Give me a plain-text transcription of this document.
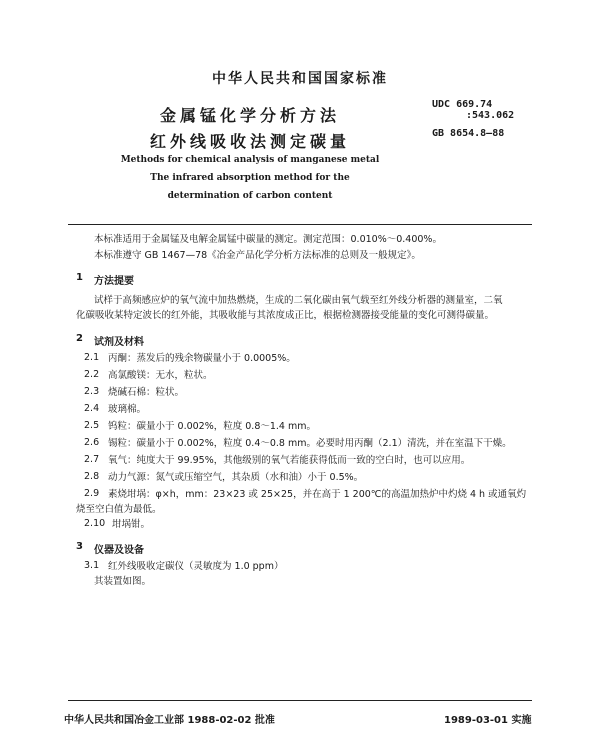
中华人民共和国国家标准
金属锰化学分析方法
红外线吸收法测定碳量
UDC 669.74
:543.062
GB 8654.8—88
Methods for chemical analysis of manganese metal
The infrared absorption method for the
determination of carbon content
本标准适用于金属锰及电解金属锰中碳量的测定。测定范围：0.010%～0.400%。
本标准遵守 GB 1467—78《冶金产品化学分析方法标准的总则及一般规定》。
1 方法提要
试样于高频感应炉的氧气流中加热燃烧，生成的二氧化碳由氧气载至红外线分析器的测量室，二氧
化碳吸收某特定波长的红外能，其吸收能与其浓度成正比，根据检测器接受能量的变化可测得碳量。
2 试剂及材料
2.1 丙酮：蒸发后的残余物碳量小于 0.0005%。
2.2 高氯酸镁：无水，粒状。
2.3 烧碱石棉：粒状。
2.4 玻璃棉。
2.5 钨粒：碳量小于 0.002%，粒度 0.8～1.4 mm。
2.6 锡粒：碳量小于 0.002%，粒度 0.4～0.8 mm。必要时用丙酮（2.1）清洗，并在室温下干燥。
2.7 氧气：纯度大于 99.95%，其他级别的氧气若能获得低而一致的空白时，也可以应用。
2.8 动力气源：氮气或压缩空气，其杂质（水和油）小于 0.5%。
2.9 素烧坩埚：φ×h，mm：23×23 或 25×25，并在高于 1 200℃的高温加热炉中灼烧 4 h 或通氧灼
烧至空白值为最低。
2.10 坩埚钳。
3 仪器及设备
3.1 红外线吸收定碳仪（灵敏度为 1.0 ppm）
其装置如图。
中华人民共和国冶金工业部 1988-02-02 批准	1989-03-01 实施
